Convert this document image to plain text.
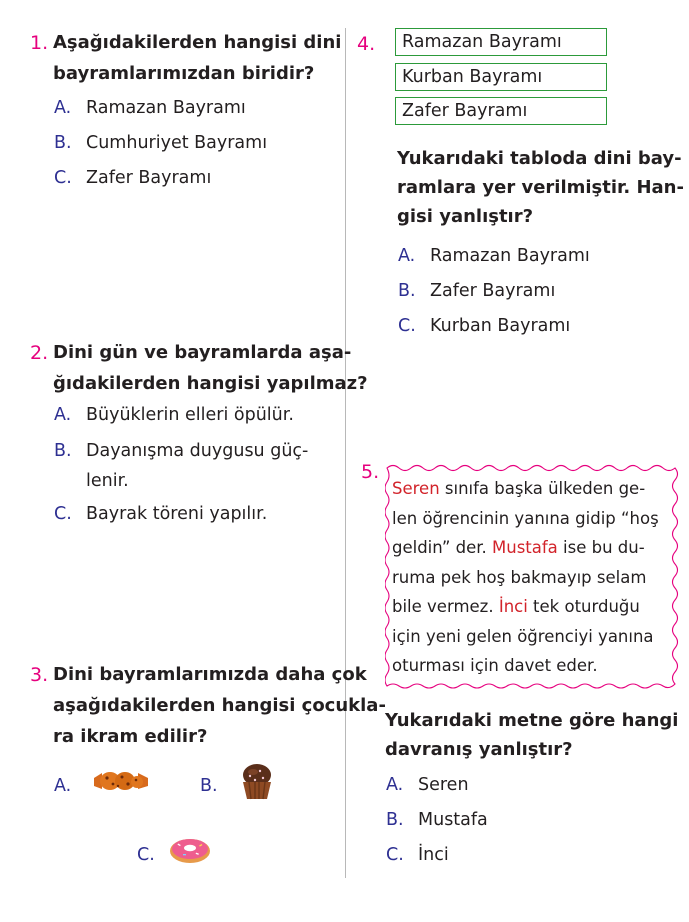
1. Aşağıdakilerden hangisi dini
bayramlarımızdan biridir?
A. Ramazan Bayramı
B. Cumhuriyet Bayramı
C. Zafer Bayramı
2. Dini gün ve bayramlarda aşa-
ğıdakilerden hangisi yapılmaz?
A. Büyüklerin elleri öpülür.
B. Dayanışma duygusu güç-
lenir.
C. Bayrak töreni yapılır.
3. Dini bayramlarımızda daha çok
aşağıdakilerden hangisi çocukla-
ra ikram edilir?
A.	B.
C.
4.	Ramazan Bayramı
Kurban Bayramı
Zafer Bayramı
Yukarıdaki tabloda dini bay-
ramlara yer verilmiştir. Han-
gisi yanlıştır?
A. Ramazan Bayramı
B. Zafer Bayramı
C. Kurban Bayramı
5.
Seren sınıfa başka ülkeden ge-
len öğrencinin yanına gidip “hoş
geldin” der. Mustafa ise bu du-
ruma pek hoş bakmayıp selam
bile vermez. İnci tek oturduğu
için yeni gelen öğrenciyi yanına
oturması için davet eder.
Yukarıdaki metne göre hangi
davranış yanlıştır?
A. Seren
B. Mustafa
C. İnci
